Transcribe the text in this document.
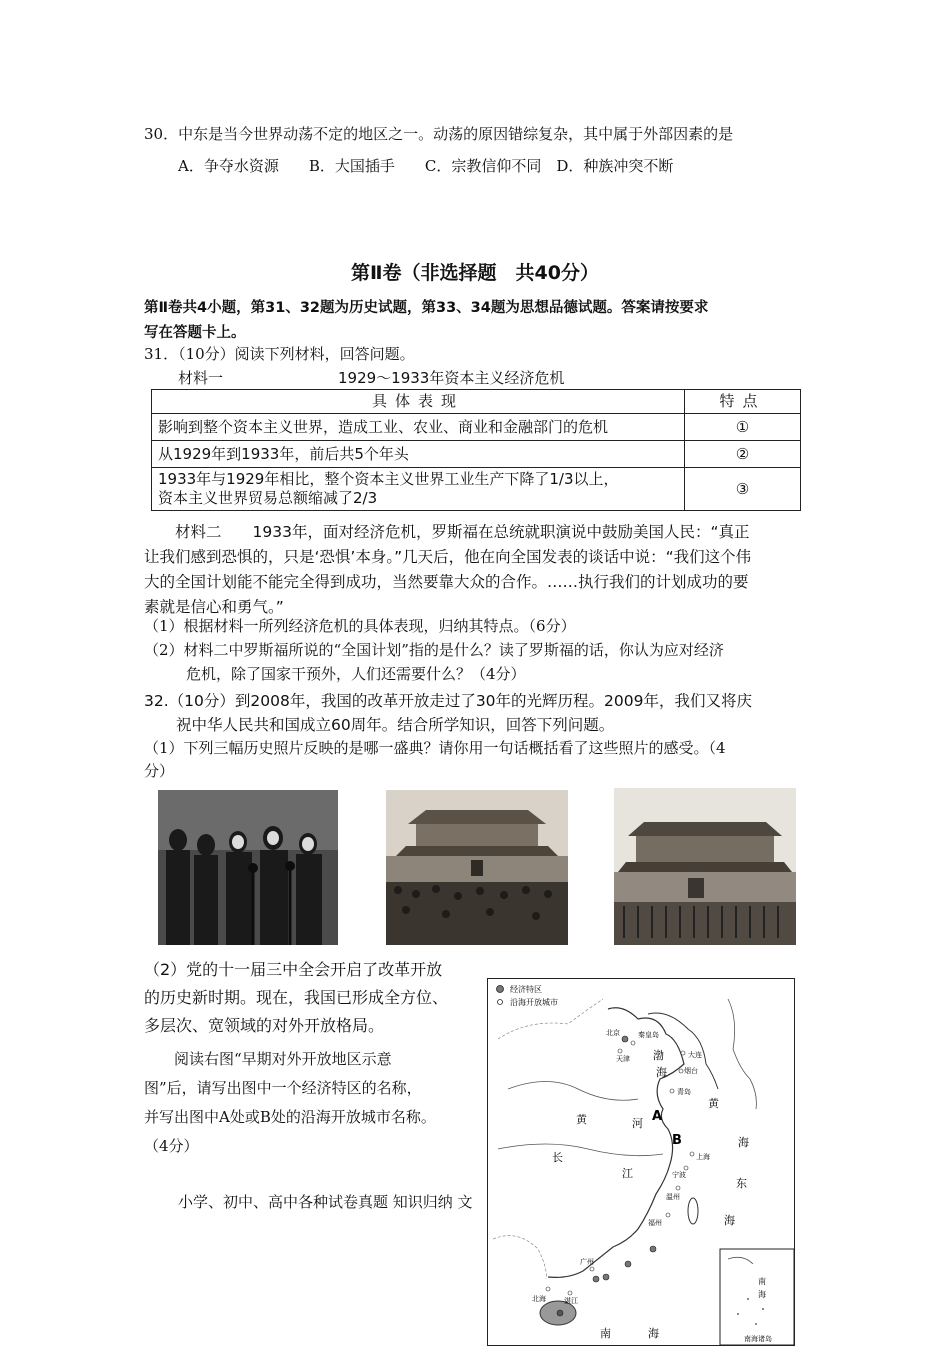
30．中东是当今世界动荡不定的地区之一。动荡的原因错综复杂，其中属于外部因素的是
A．争夺水资源　　B．大国插手　　C．宗教信仰不同　D．种族冲突不断
第Ⅱ卷（非选择题　共40分）
第Ⅱ卷共4小题，第31、32题为历史试题，第33、34题为思想品德试题。答案请按要求
写在答题卡上。
31．（10分）阅读下列材料，回答问题。
材料一	1929～1933年资本主义经济危机
具体表现	特点
影响到整个资本主义世界，造成工业、农业、商业和金融部门的危机	①
从1929年到1933年，前后共5个年头	②

1933年与1929年相比，整个资本主义世界工业生产下降了1/3以上，
资本主义世界贸易总额缩减了2/3	③
　　材料二　　1933年，面对经济危机，罗斯福在总统就职演说中鼓励美国人民：“真正
让我们感到恐惧的，只是‘恐惧’本身。”几天后，他在向全国发表的谈话中说：“我们这个伟
大的全国计划能不能完全得到成功，当然要靠大众的合作。……执行我们的计划成功的要
素就是信心和勇气。”
（1）根据材料一所列经济危机的具体表现，归纳其特点。（6分）
（2）材料二中罗斯福所说的“全国计划”指的是什么？读了罗斯福的话，你认为应对经济
危机，除了国家干预外，人们还需要什么？（4分）
32.（10分）到2008年，我国的改革开放走过了30年的光辉历程。2009年，我们又将庆
祝中华人民共和国成立60周年。结合所学知识，回答下列问题。
（1）下列三幅历史照片反映的是哪一盛典？请你用一句话概括看了这些照片的感受。（4
分）
（2）党的十一届三中全会开启了改革开放
的历史新时期。现在，我国已形成全方位、
多层次、宽领域的对外开放格局。
　　阅读右图“早期对外开放地区示意
图”后，请写出图中一个经济特区的名称，
并写出图中A处或B处的沿海开放城市名称。
（4分）
小学、初中、高中各种试卷真题 知识归纳 文
经济特区
沿海开放城市
南
海
南海诸岛
北京	秦皇岛
天津	大连
烟台
青岛
上海
宁波
温州
福州
广州
北海	湛江
渤
海
黄
海
东
海
南	海
黄	河
长
江
A
B
